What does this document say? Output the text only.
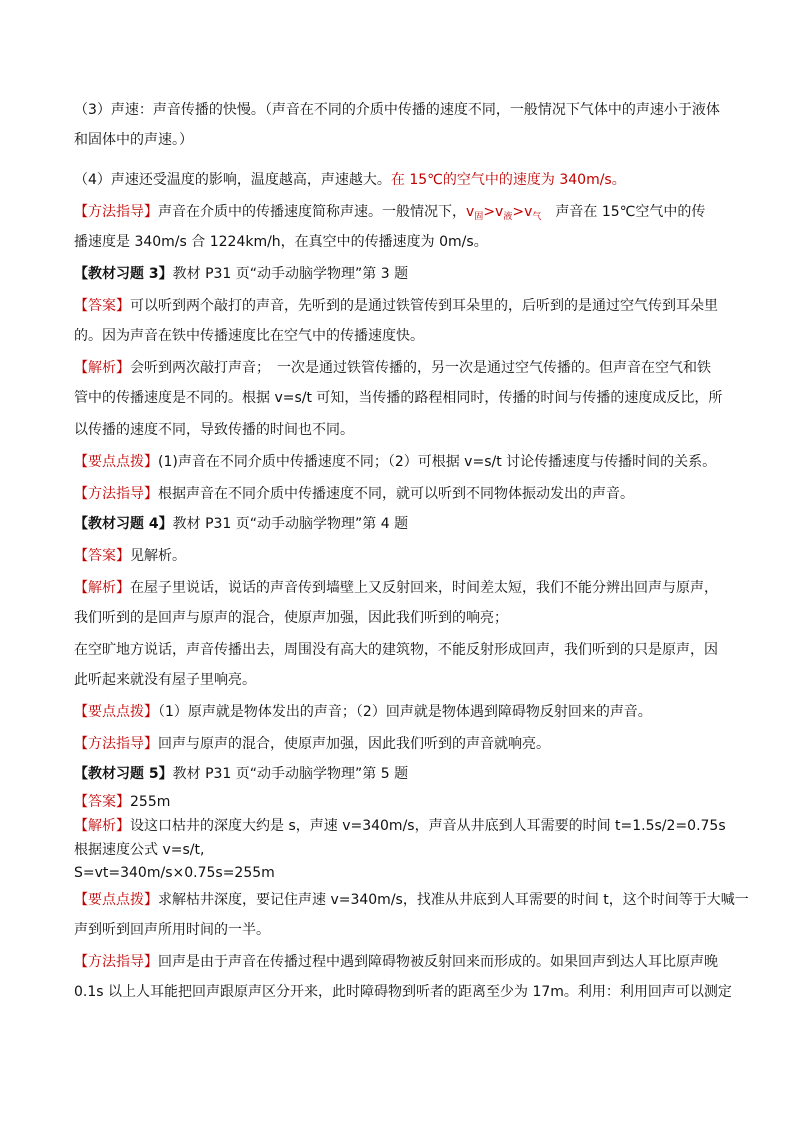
（3）声速：声音传播的快慢。（声音在不同的介质中传播的速度不同，一般情况下气体中的声速小于液体
和固体中的声速。）
（4）声速还受温度的影响，温度越高，声速越大。在 15℃的空气中的速度为 340m/s。
【方法指导】声音在介质中的传播速度简称声速。一般情况下，$v_固>v_液>v_气$　声音在 15℃空气中的传
播速度是 340m/s 合 1224km/h，在真空中的传播速度为 0m/s。
【教材习题 3】教材 P31 页“动手动脑学物理”第 3 题
【答案】可以听到两个敲打的声音，先听到的是通过铁管传到耳朵里的，后听到的是通过空气传到耳朵里
的。因为声音在铁中传播速度比在空气中的传播速度快。
【解析】会听到两次敲打声音；　一次是通过铁管传播的，另一次是通过空气传播的。但声音在空气和铁
管中的传播速度是不同的。根据 v=s/t 可知，当传播的路程相同时，传播的时间与传播的速度成反比，所
以传播的速度不同，导致传播的时间也不同。
【要点点拨】(1)声音在不同介质中传播速度不同；（2）可根据 v=s/t 讨论传播速度与传播时间的关系。
【方法指导】根据声音在不同介质中传播速度不同，就可以听到不同物体振动发出的声音。
【教材习题 4】教材 P31 页“动手动脑学物理”第 4 题
【答案】见解析。
【解析】在屋子里说话，说话的声音传到墙壁上又反射回来，时间差太短，我们不能分辨出回声与原声，
我们听到的是回声与原声的混合，使原声加强，因此我们听到的响亮；
在空旷地方说话，声音传播出去，周围没有高大的建筑物，不能反射形成回声，我们听到的只是原声，因
此听起来就没有屋子里响亮。
【要点点拨】（1）原声就是物体发出的声音；（2）回声就是物体遇到障碍物反射回来的声音。
【方法指导】回声与原声的混合，使原声加强，因此我们听到的声音就响亮。
【教材习题 5】教材 P31 页“动手动脑学物理”第 5 题
【答案】255m
【解析】设这口枯井的深度大约是 s，声速 v=340m/s，声音从井底到人耳需要的时间 t=1.5s/2=0.75s
根据速度公式 v=s/t,
S=vt=340m/s×0.75s=255m
【要点点拨】求解枯井深度，要记住声速 v=340m/s，找准从井底到人耳需要的时间 t，这个时间等于大喊一
声到听到回声所用时间的一半。
【方法指导】回声是由于声音在传播过程中遇到障碍物被反射回来而形成的。如果回声到达人耳比原声晚
0.1s 以上人耳能把回声跟原声区分开来，此时障碍物到听者的距离至少为 17m。利用：利用回声可以测定
